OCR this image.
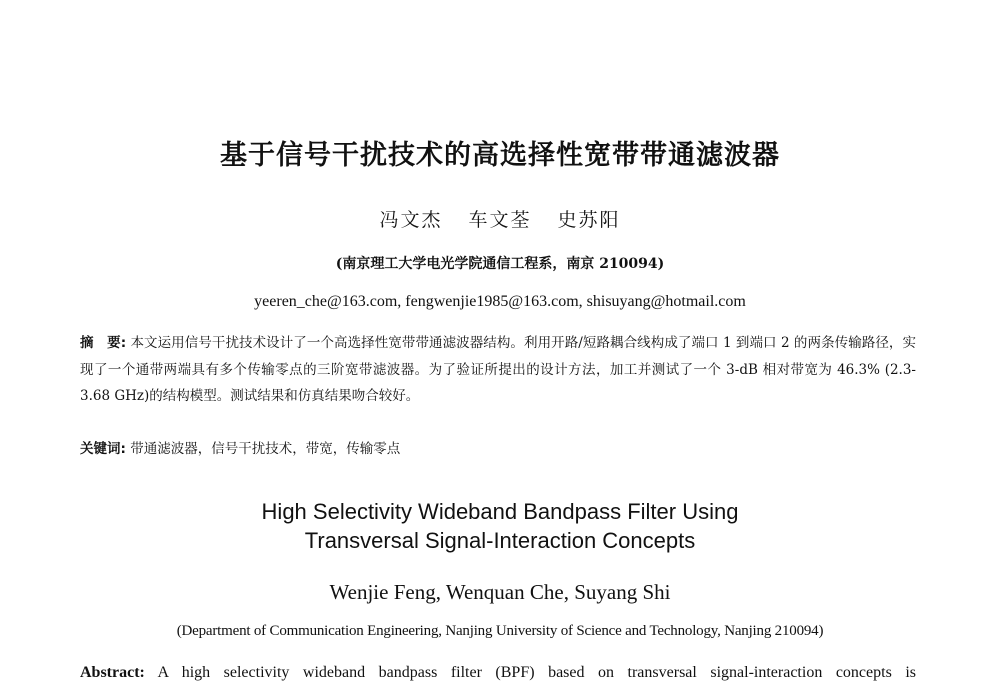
基于信号干扰技术的高选择性宽带带通滤波器
冯文杰 车文荃 史苏阳
(南京理工大学电光学院通信工程系，南京 210094)
yeeren_che@163.com, fengwenjie1985@163.com, shisuyang@hotmail.com
摘　要: 本文运用信号干扰技术设计了一个高选择性宽带带通滤波器结构。利用开路/短路耦合线构成了端口 1 到端口 2 的两条传输路径，实现了一个通带两端具有多个传输零点的三阶宽带滤波器。为了验证所提出的设计方法，加工并测试了一个 3-dB 相对带宽为 46.3% (2.3-3.68 GHz)的结构模型。测试结果和仿真结果吻合较好。
关键词: 带通滤波器，信号干扰技术，带宽，传输零点
High Selectivity Wideband Bandpass Filter Using
Transversal Signal-Interaction Concepts
Wenjie Feng, Wenquan Che, Suyang Shi
(Department of Communication Engineering, Nanjing University of Science and Technology, Nanjing 210094)
Abstract: A high selectivity wideband bandpass filter (BPF) based on transversal signal-interaction concepts is
